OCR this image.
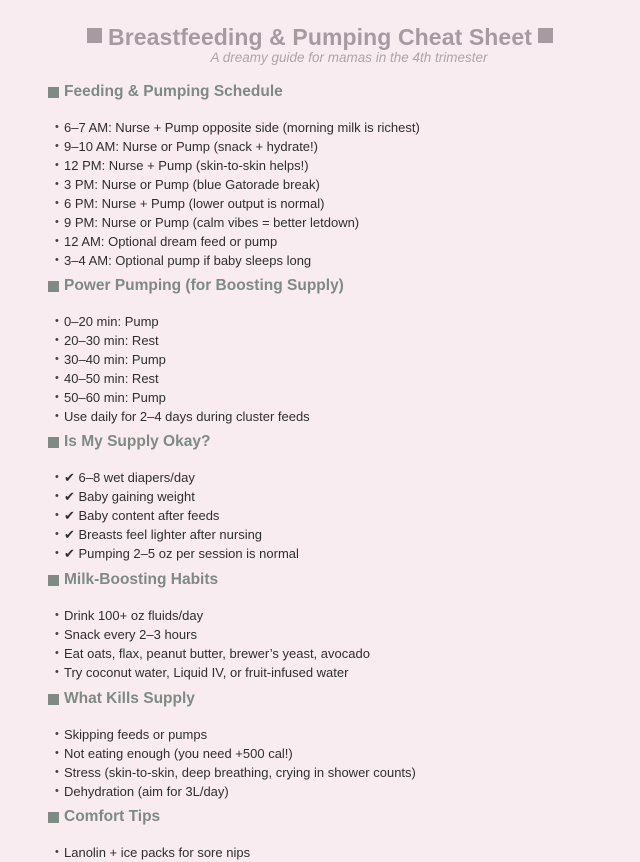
Breastfeeding & Pumping Cheat Sheet
A dreamy guide for mamas in the 4th trimester
Feeding & Pumping Schedule
• 6–7 AM: Nurse + Pump opposite side (morning milk is richest)
• 9–10 AM: Nurse or Pump (snack + hydrate!)
• 12 PM: Nurse + Pump (skin-to-skin helps!)
• 3 PM: Nurse or Pump (blue Gatorade break)
• 6 PM: Nurse + Pump (lower output is normal)
• 9 PM: Nurse or Pump (calm vibes = better letdown)
• 12 AM: Optional dream feed or pump
• 3–4 AM: Optional pump if baby sleeps long
Power Pumping (for Boosting Supply)
• 0–20 min: Pump
• 20–30 min: Rest
• 30–40 min: Pump
• 40–50 min: Rest
• 50–60 min: Pump
• Use daily for 2–4 days during cluster feeds
Is My Supply Okay?
• ✔ 6–8 wet diapers/day
• ✔ Baby gaining weight
• ✔ Baby content after feeds
• ✔ Breasts feel lighter after nursing
• ✔ Pumping 2–5 oz per session is normal
Milk-Boosting Habits
• Drink 100+ oz fluids/day
• Snack every 2–3 hours
• Eat oats, flax, peanut butter, brewer’s yeast, avocado
• Try coconut water, Liquid IV, or fruit-infused water
What Kills Supply
• Skipping feeds or pumps
• Not eating enough (you need +500 cal!)
• Stress (skin-to-skin, deep breathing, crying in shower counts)
• Dehydration (aim for 3L/day)
Comfort Tips
• Lanolin + ice packs for sore nips
